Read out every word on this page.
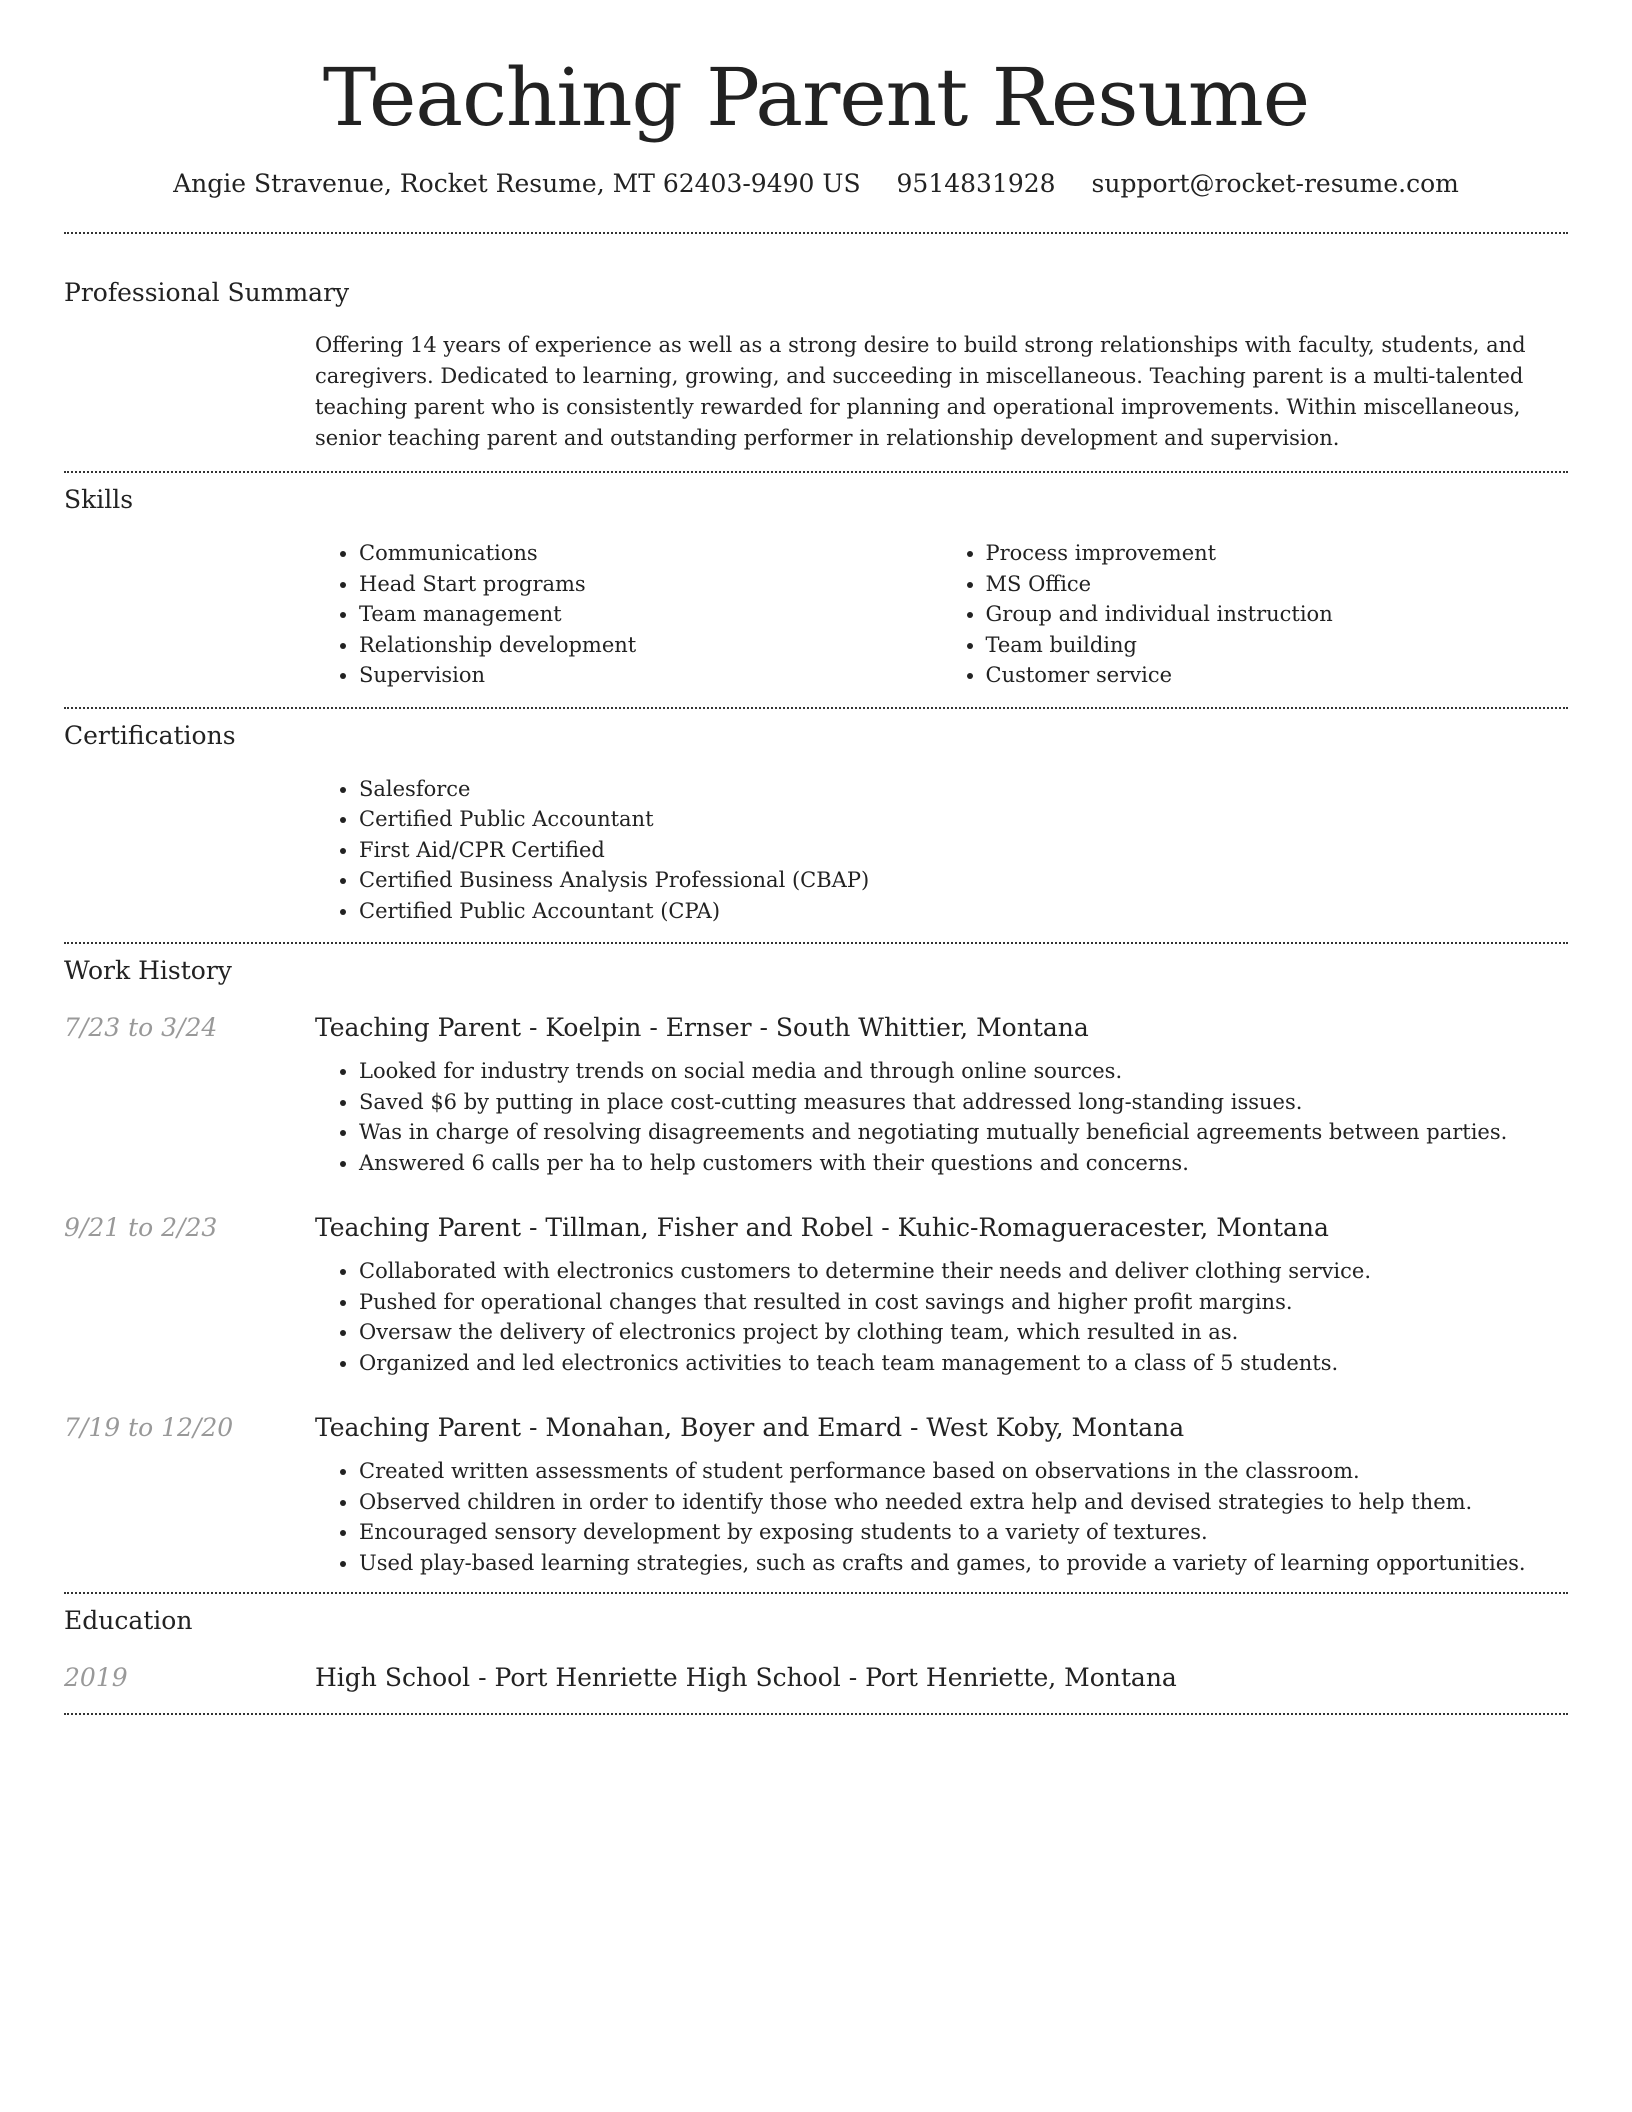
Teaching Parent Resume
Angie Stravenue, Rocket Resume, MT 62403-9490 US 9514831928 support@rocket-resume.com
Professional Summary

Offering 14 years of experience as well as a strong desire to build strong relationships with faculty, students, and caregivers. Dedicated to learning, growing, and succeeding in miscellaneous. Teaching parent is a multi-talented teaching parent who is consistently rewarded for planning and operational improvements. Within miscellaneous, senior teaching parent and outstanding performer in relationship development and supervision.

Skills
• Communications
• Head Start programs
• Team management
• Relationship development
• Supervision
• Process improvement
• MS Office
• Group and individual instruction
• Team building
• Customer service
Certifications
• Salesforce
• Certified Public Accountant
• First Aid/CPR Certified
• Certified Business Analysis Professional (CBAP)
• Certified Public Accountant (CPA)
Work History
7/23 to 3/24	Teaching Parent - Koelpin - Ernser - South Whittier, Montana
• Looked for industry trends on social media and through online sources.
• Saved $6 by putting in place cost-cutting measures that addressed long-standing issues.
• Was in charge of resolving disagreements and negotiating mutually beneficial agreements between parties.
• Answered 6 calls per ha to help customers with their questions and concerns.
9/21 to 2/23	Teaching Parent - Tillman, Fisher and Robel - Kuhic-Romagueracester, Montana
• Collaborated with electronics customers to determine their needs and deliver clothing service.
• Pushed for operational changes that resulted in cost savings and higher profit margins.
• Oversaw the delivery of electronics project by clothing team, which resulted in as.
• Organized and led electronics activities to teach team management to a class of 5 students.
7/19 to 12/20	Teaching Parent - Monahan, Boyer and Emard - West Koby, Montana
• Created written assessments of student performance based on observations in the classroom.
• Observed children in order to identify those who needed extra help and devised strategies to help them.
• Encouraged sensory development by exposing students to a variety of textures.
• Used play-based learning strategies, such as crafts and games, to provide a variety of learning opportunities.
Education
2019	High School - Port Henriette High School - Port Henriette, Montana
